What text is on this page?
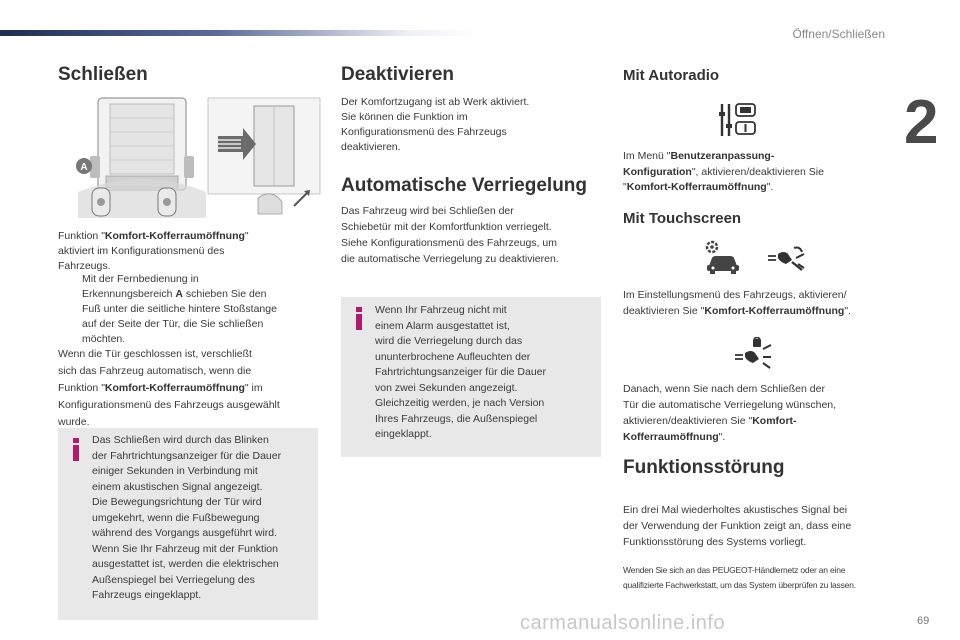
Öffnen/Schließen
2
Schließen
A

Funktion "Komfort-Kofferraumöffnung"
aktiviert im Konfigurationsmenü des
Fahrzeugs.

Mit der Fernbedienung in
Erkennungsbereich A schieben Sie den
Fuß unter die seitliche hintere Stoßstange
auf der Seite der Tür, die Sie schließen
möchten.

Wenn die Tür geschlossen ist, verschließt
sich das Fahrzeug automatisch, wenn die
Funktion "Komfort-Kofferraumöffnung" im
Konfigurationsmenü des Fahrzeugs ausgewählt
wurde.

Das Schließen wird durch das Blinken
der Fahrtrichtungsanzeiger für die Dauer
einiger Sekunden in Verbindung mit
einem akustischen Signal angezeigt.
Die Bewegungsrichtung der Tür wird
umgekehrt, wenn die Fußbewegung
während des Vorgangs ausgeführt wird.
Wenn Sie Ihr Fahrzeug mit der Funktion
ausgestattet ist, werden die elektrischen
Außenspiegel bei Verriegelung des
Fahrzeugs eingeklappt.
Deaktivieren

Der Komfortzugang ist ab Werk aktiviert.
Sie können die Funktion im
Konfigurationsmenü des Fahrzeugs
deaktivieren.

Automatische Verriegelung

Das Fahrzeug wird bei Schließen der
Schiebetür mit der Komfortfunktion verriegelt.
Siehe Konfigurationsmenü des Fahrzeugs, um
die automatische Verriegelung zu deaktivieren.

Wenn Ihr Fahrzeug nicht mit
einem Alarm ausgestattet ist,
wird die Verriegelung durch das
ununterbrochene Aufleuchten der
Fahrtrichtungsanzeiger für die Dauer
von zwei Sekunden angezeigt.
Gleichzeitig werden, je nach Version
Ihres Fahrzeugs, die Außenspiegel
eingeklappt.
Mit Autoradio

Im Menü "Benutzeranpassung-
Konfiguration", aktivieren/deaktivieren Sie
"Komfort-Kofferraumöffnung".

Mit Touchscreen

Im Einstellungsmenü des Fahrzeugs, aktivieren/
deaktivieren Sie "Komfort-Kofferraumöffnung".

Danach, wenn Sie nach dem Schließen der
Tür die automatische Verriegelung wünschen,
aktivieren/deaktivieren Sie "Komfort-
Kofferraumöffnung".

Funktionsstörung

Ein drei Mal wiederholtes akustisches Signal bei
der Verwendung der Funktion zeigt an, dass eine
Funktionsstörung des Systems vorliegt.

Wenden Sie sich an das PEUGEOT-Händlernetz oder an eine
qualifizierte Fachwerkstatt, um das System überprüfen zu lassen.

carmanualsonline.info	69
